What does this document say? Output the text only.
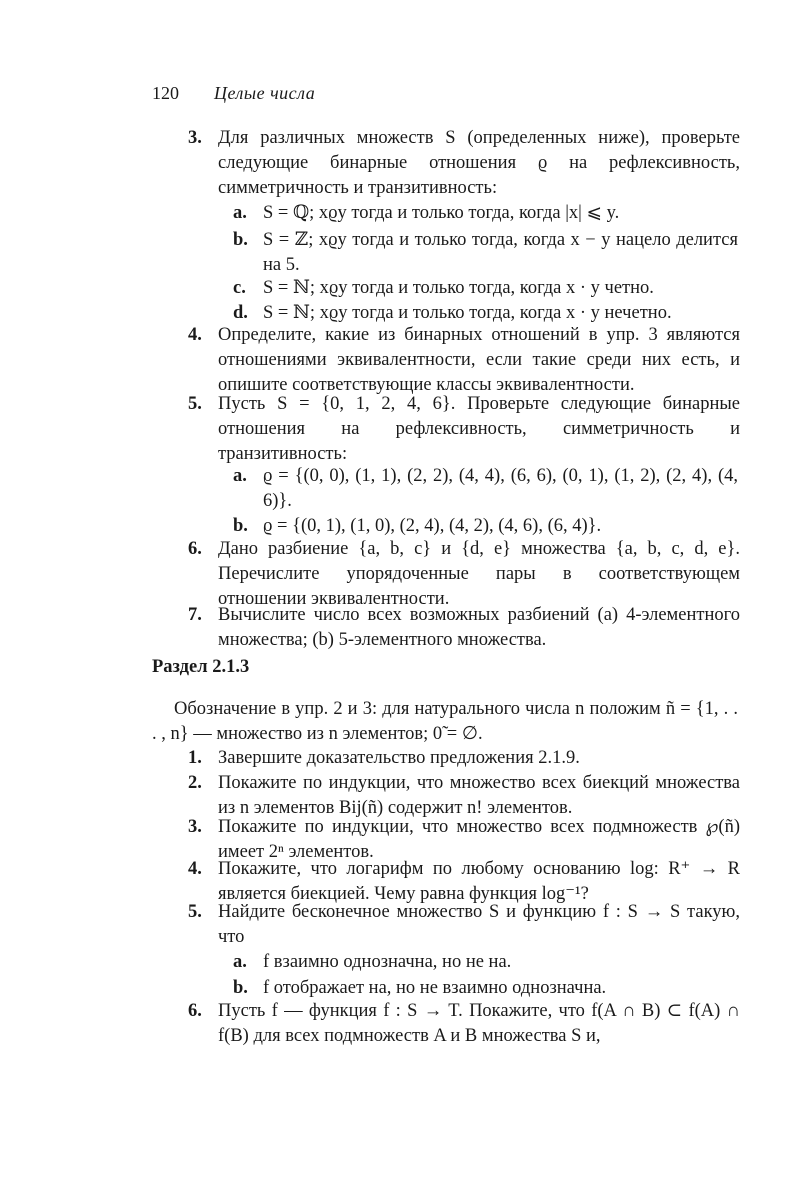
120 Целые числа
3. Для различных множеств S (определенных ниже), проверьте следующие бинарные отношения ϱ на рефлексивность, симметричность и транзитивность:
a. S = ℚ; xϱy тогда и только тогда, когда |x| ⩽ y.
b. S = ℤ; xϱy тогда и только тогда, когда x − y нацело делится на 5.
c. S = ℕ; xϱy тогда и только тогда, когда x · y четно.
d. S = ℕ; xϱy тогда и только тогда, когда x · y нечетно.
4. Определите, какие из бинарных отношений в упр. 3 являются отношениями эквивалентности, если такие среди них есть, и опишите соответствующие классы эквивалентности.
5. Пусть S = {0, 1, 2, 4, 6}. Проверьте следующие бинарные отношения на рефлексивность, симметричность и транзитивность:
a. ϱ = {(0, 0), (1, 1), (2, 2), (4, 4), (6, 6), (0, 1), (1, 2), (2, 4), (4, 6)}.
b. ϱ = {(0, 1), (1, 0), (2, 4), (4, 2), (4, 6), (6, 4)}.
6. Дано разбиение {a, b, c} и {d, e} множества {a, b, c, d, e}. Перечислите упорядоченные пары в соответствующем отношении эквивалентности.
7. Вычислите число всех возможных разбиений (a) 4-элементного множества; (b) 5-элементного множества.
Раздел 2.1.3
Обозначение в упр. 2 и 3: для натурального числа n положим ñ = {1, . . . , n} — множество из n элементов; 0̃ = ∅.
1. Завершите доказательство предложения 2.1.9.
2. Покажите по индукции, что множество всех биекций множества из n элементов Bij(ñ) содержит n! элементов.
3. Покажите по индукции, что множество всех подмножеств ℘(ñ) имеет 2ⁿ элементов.
4. Покажите, что логарифм по любому основанию log: R⁺ → R является биекцией. Чему равна функция log⁻¹?
5. Найдите бесконечное множество S и функцию f : S → S такую, что
a. f взаимно однозначна, но не на.
b. f отображает на, но не взаимно однозначна.
6. Пусть f — функция f : S → T. Покажите, что f(A ∩ B) ⊂ f(A) ∩ f(B) для всех подмножеств A и B множества S и,
